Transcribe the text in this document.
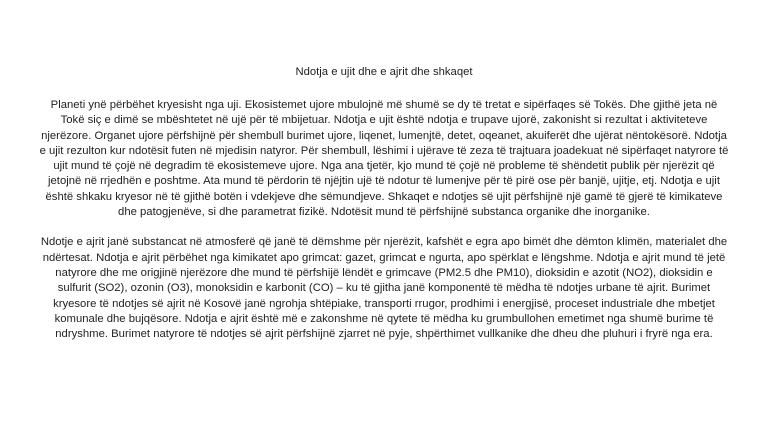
Ndotja e ujit dhe e ajrit dhe shkaqet

Planeti ynë përbëhet kryesisht nga uji. Ekosistemet ujore mbulojnë më shumë se dy të tretat e sipërfaqes së Tokës. Dhe gjithë jeta në Tokë siç e dimë se mbështetet në ujë për të mbijetuar. Ndotja e ujit është ndotja e trupave ujorë, zakonisht si rezultat i aktiviteteve njerëzore. Organet ujore përfshijnë për shembull burimet ujore, liqenet, lumenjtë, detet, oqeanet, akuiferët dhe ujërat nëntokësorë. Ndotja e ujit rezulton kur ndotësit futen në mjedisin natyror. Për shembull, lëshimi i ujërave të zeza të trajtuara joadekuat në sipërfaqet natyrore të ujit mund të çojë në degradim të ekosistemeve ujore. Nga ana tjetër, kjo mund të çojë në probleme të shëndetit publik për njerëzit që jetojnë në rrjedhën e poshtme. Ata mund të përdorin të njëjtin ujë të ndotur të lumenjve për të pirë ose për banjë, ujitje, etj. Ndotja e ujit është shkaku kryesor në të gjithë botën i vdekjeve dhe sëmundjeve. Shkaqet e ndotjes së ujit përfshijnë një gamë të gjerë të kimikateve dhe patogjenëve, si dhe parametrat fizikë. Ndotësit mund të përfshijnë substanca organike dhe inorganike.

Ndotje e ajrit janë substancat në atmosferë që janë të dëmshme për njerëzit, kafshët e egra apo bimët dhe dëmton klimën, materialet dhe ndërtesat. Ndotja e ajrit përbëhet nga kimikatet apo grimcat: gazet, grimcat e ngurta, apo spërklat e lëngshme. Ndotja e ajrit mund të jetë natyrore dhe me origjinë njerëzore dhe mund të përfshijë lëndët e grimcave (PM2.5 dhe PM10), dioksidin e azotit (NO2), dioksidin e sulfurit (SO2), ozonin (O3), monoksidin e karbonit (CO) – ku të gjitha janë komponentë të mëdha të ndotjes urbane të ajrit. Burimet kryesore të ndotjes së ajrit në Kosovë janë ngrohja shtëpiake, transporti rrugor, prodhimi i energjisë, proceset industriale dhe mbetjet komunale dhe bujqësore. Ndotja e ajrit është më e zakonshme në qytete të mëdha ku grumbullohen emetimet nga shumë burime të ndryshme. Burimet natyrore të ndotjes së ajrit përfshijnë zjarret në pyje, shpërthimet vullkanike dhe dheu dhe pluhuri i fryrë nga era.
